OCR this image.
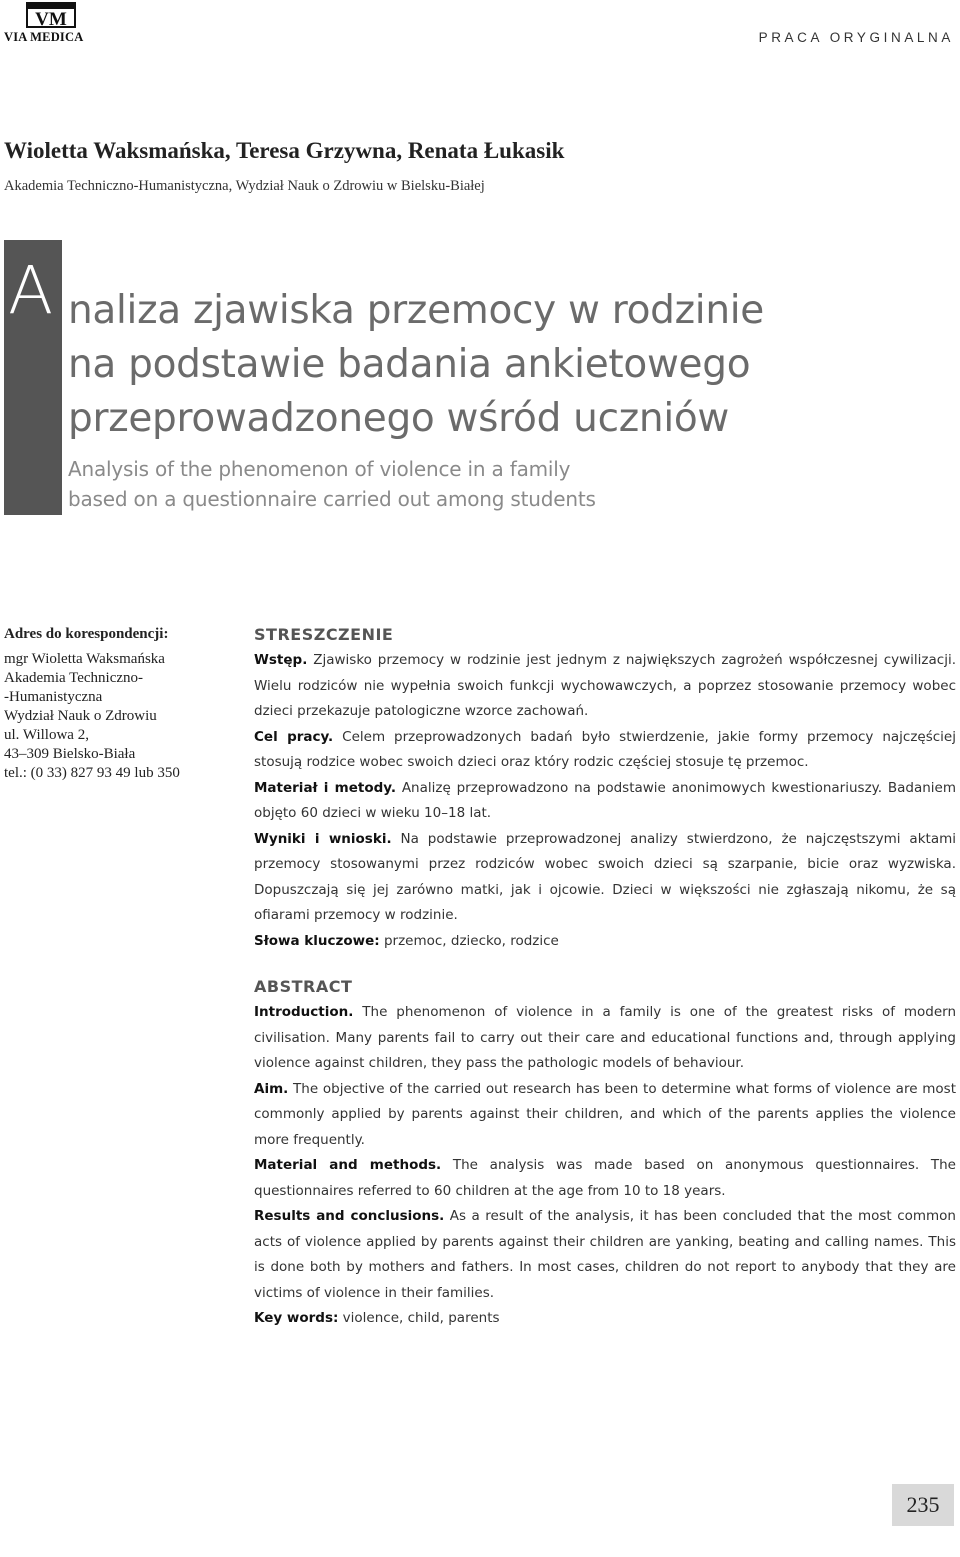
VM
VIA MEDICA	PRACA ORYGINALNA
Wioletta Waksmańska, Teresa Grzywna, Renata Łukasik
Akademia Techniczno-Humanistyczna, Wydział Nauk o Zdrowiu w Bielsku-Białej
A naliza zjawiska przemocy w rodzinie
na podstawie badania ankietowego
przeprowadzonego wśród uczniów
Analysis of the phenomenon of violence in a family
based on a questionnaire carried out among students
Adres do korespondencji:
mgr Wioletta Waksmańska
Akademia Techniczno-
-Humanistyczna
Wydział Nauk o Zdrowiu
ul. Willowa 2,
43–309 Bielsko-Biała
tel.: (0 33) 827 93 49 lub 350
STRESZCZENIE

Wstęp. Zjawisko przemocy w rodzinie jest jednym z największych zagrożeń współczesnej cywilizacji. Wielu rodziców nie wypełnia swoich funkcji wychowawczych, a poprzez stosowanie przemocy wobec dzieci przekazuje patologiczne wzorce zachowań.

Cel pracy. Celem przeprowadzonych badań było stwierdzenie, jakie formy przemocy najczęściej stosują rodzice wobec swoich dzieci oraz który rodzic częściej stosuje tę przemoc.

Materiał i metody. Analizę przeprowadzono na podstawie anonimowych kwestionariuszy. Badaniem objęto 60 dzieci w wieku 10–18 lat.

Wyniki i wnioski. Na podstawie przeprowadzonej analizy stwierdzono, że najczęstszymi aktami przemocy stosowanymi przez rodziców wobec swoich dzieci są szarpanie, bicie oraz wyzwiska. Dopuszczają się jej zarówno matki, jak i ojcowie. Dzieci w większości nie zgłaszają nikomu, że są ofiarami przemocy w rodzinie.

Słowa kluczowe: przemoc, dziecko, rodzice

ABSTRACT

Introduction. The phenomenon of violence in a family is one of the greatest risks of modern civilisation. Many parents fail to carry out their care and educational functions and, through applying violence against children, they pass the pathologic models of behaviour.

Aim. The objective of the carried out research has been to determine what forms of violence are most commonly applied by parents against their children, and which of the parents applies the violence more frequently.

Material and methods. The analysis was made based on anonymous questionnaires. The questionnaires referred to 60 children at the age from 10 to 18 years.

Results and conclusions. As a result of the analysis, it has been concluded that the most common acts of violence applied by parents against their children are yanking, beating and calling names. This is done both by mothers and fathers. In most cases, children do not report to anybody that they are victims of violence in their families.

Key words: violence, child, parents

235
